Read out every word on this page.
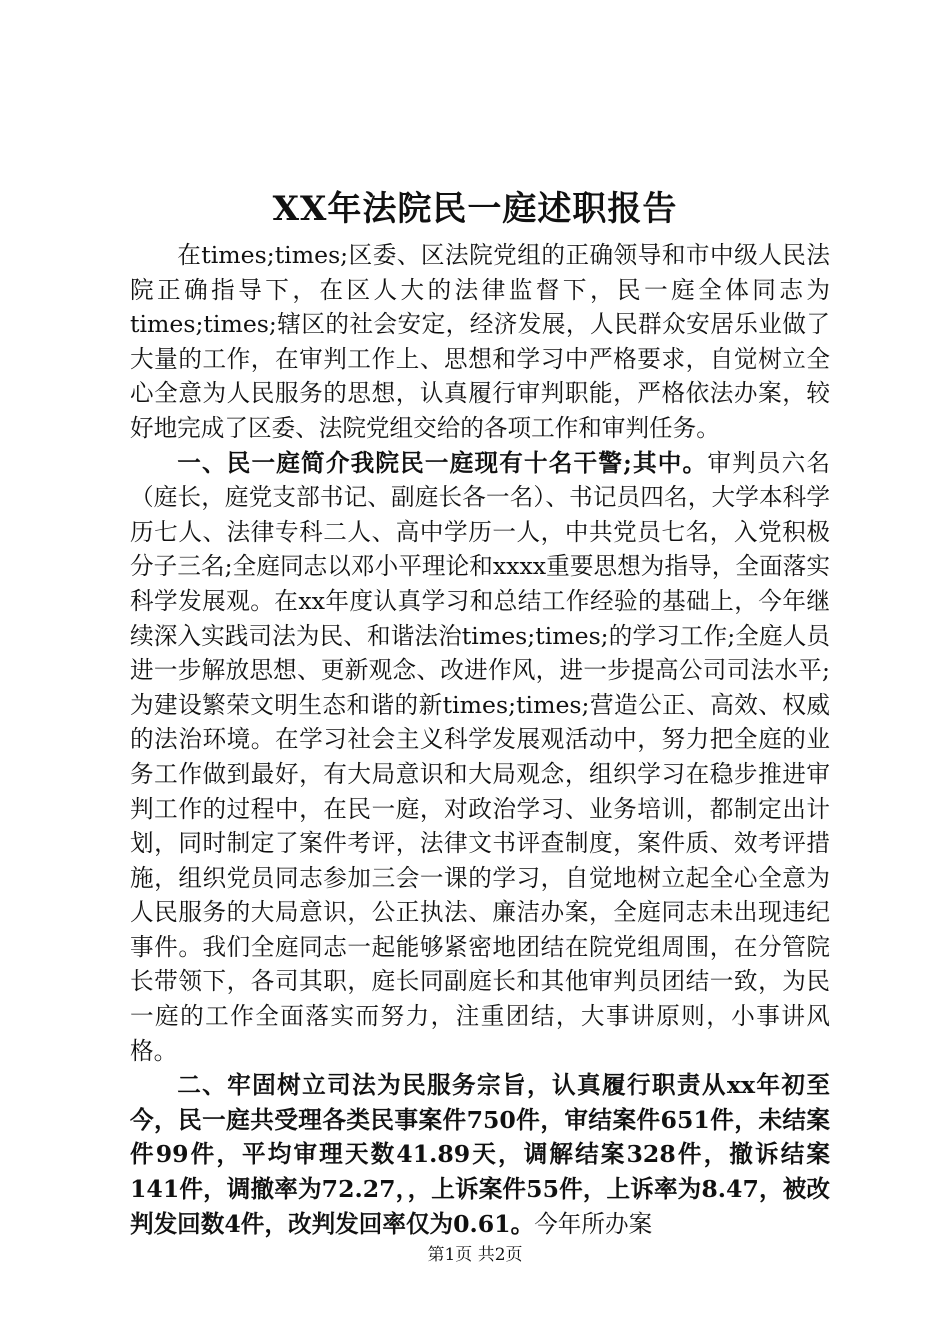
XX年法院民一庭述职报告

在times;times;区委、区法院党组的正确领导和市中级人民法院正确指导下，在区人大的法律监督下，民一庭全体同志为times;times;辖区的社会安定，经济发展，人民群众安居乐业做了大量的工作，在审判工作上、思想和学习中严格要求，自觉树立全心全意为人民服务的思想，认真履行审判职能，严格依法办案，较好地完成了区委、法院党组交给的各项工作和审判任务。

一、民一庭简介我院民一庭现有十名干警;其中。审判员六名（庭长，庭党支部书记、副庭长各一名）、书记员四名，大学本科学历七人、法律专科二人、高中学历一人，中共党员七名，入党积极分子三名;全庭同志以邓小平理论和xxxx重要思想为指导，全面落实科学发展观。在xx年度认真学习和总结工作经验的基础上，今年继续深入实践司法为民、和谐法治times;times;的学习工作;全庭人员进一步解放思想、更新观念、改进作风，进一步提高公司司法水平;为建设繁荣文明生态和谐的新times;times;营造公正、高效、权威的法治环境。在学习社会主义科学发展观活动中，努力把全庭的业务工作做到最好，有大局意识和大局观念，组织学习在稳步推进审判工作的过程中，在民一庭，对政治学习、业务培训，都制定出计划，同时制定了案件考评，法律文书评查制度，案件质、效考评措施，组织党员同志参加三会一课的学习，自觉地树立起全心全意为人民服务的大局意识，公正执法、廉洁办案，全庭同志未出现违纪事件。我们全庭同志一起能够紧密地团结在院党组周围，在分管院长带领下，各司其职，庭长同副庭长和其他审判员团结一致，为民一庭的工作全面落实而努力，注重团结，大事讲原则，小事讲风格。

二、牢固树立司法为民服务宗旨，认真履行职责从xx年初至今，民一庭共受理各类民事案件750件，审结案件651件，未结案件99件，平均审理天数41.89天，调解结案328件，撤诉结案141件，调撤率为72.27，，上诉案件55件，上诉率为8.47，被改判发回数4件，改判发回率仅为0.61。今年所办案

第1页 共2页
